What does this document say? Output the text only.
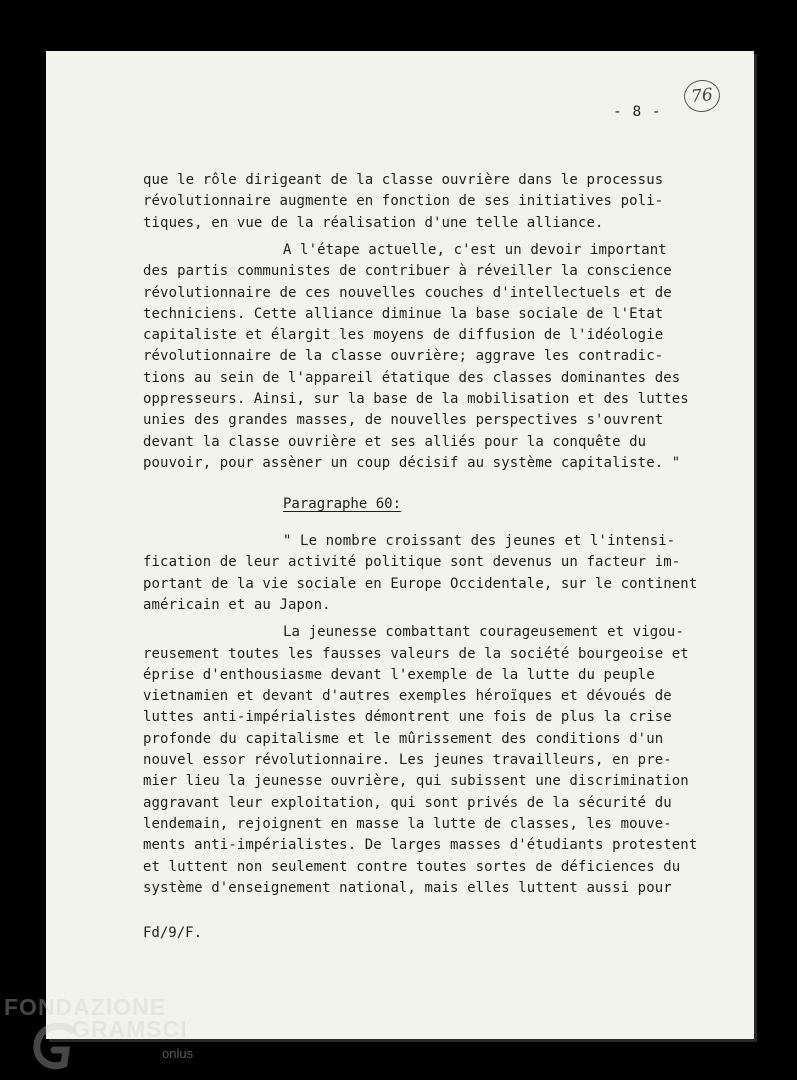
76
- 8 -
que le rôle dirigeant de la classe ouvrière dans le processus
révolutionnaire augmente en fonction de ses initiatives poli-
tiques, en vue de la réalisation d'une telle alliance.
A l'étape actuelle, c'est un devoir important
des partis communistes de contribuer à réveiller la conscience
révolutionnaire de ces nouvelles couches d'intellectuels et de
techniciens. Cette alliance diminue la base sociale de l'Etat
capitaliste et élargit les moyens de diffusion de l'idéologie
révolutionnaire de la classe ouvrière; aggrave les contradic-
tions au sein de l'appareil étatique des classes dominantes des
oppresseurs. Ainsi, sur la base de la mobilisation et des luttes
unies des grandes masses, de nouvelles perspectives s'ouvrent
devant la classe ouvrière et ses alliés pour la conquête du
pouvoir, pour assèner un coup décisif au système capitaliste. "
Paragraphe 60:
" Le nombre croissant des jeunes et l'intensi-
fication de leur activité politique sont devenus un facteur im-
portant de la vie sociale en Europe Occidentale, sur le continent
américain et au Japon.
La jeunesse combattant courageusement et vigou-
reusement toutes les fausses valeurs de la société bourgeoise et
éprise d'enthousiasme devant l'exemple de la lutte du peuple
vietnamien et devant d'autres exemples héroïques et dévoués de
luttes anti-impérialistes démontrent une fois de plus la crise
profonde du capitalisme et le mûrissement des conditions d'un
nouvel essor révolutionnaire. Les jeunes travailleurs, en pre-
mier lieu la jeunesse ouvrière, qui subissent une discrimination
aggravant leur exploitation, qui sont privés de la sécurité du
lendemain, rejoignent en masse la lutte de classes, les mouve-
ments anti-impérialistes. De larges masses d'étudiants protestent
et luttent non seulement contre toutes sortes de déficiences du
système d'enseignement national, mais elles luttent aussi pour
Fd/9/F.
FONDAZIONE
GRAMSCI
onlus
